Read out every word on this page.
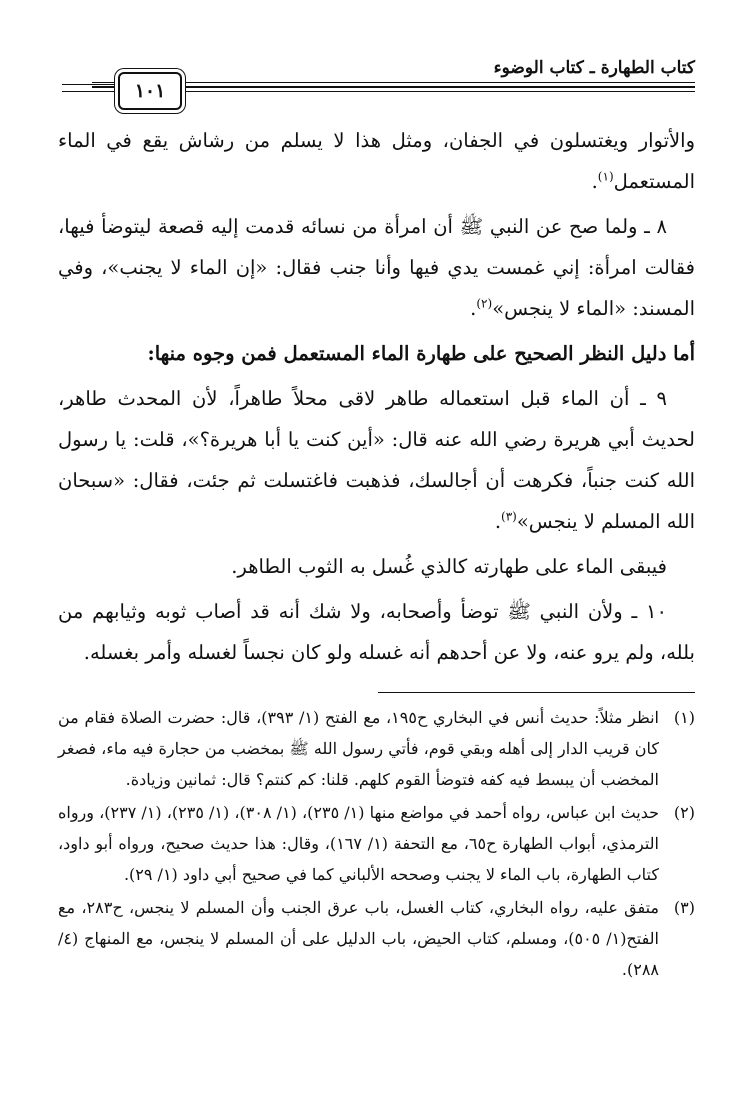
كتاب الطهارة ـ كتاب الوضوء
١٠١

والأتوار ويغتسلون في الجفان، ومثل هذا لا يسلم من رشاش يقع في الماء المستعمل$^{(١)}$.

٨ ـ ولما صح عن النبي ﷺ أن امرأة من نسائه قدمت إليه قصعة ليتوضأ فيها، فقالت امرأة: إني غمست يدي فيها وأنا جنب فقال: «إن الماء لا يجنب»، وفي المسند: «الماء لا ينجس»$^{(٢)}$.

أما دليل النظر الصحيح على طهارة الماء المستعمل فمن وجوه منها:

٩ ـ أن الماء قبل استعماله طاهر لاقى محلاً طاهراً، لأن المحدث طاهر، لحديث أبي هريرة رضي الله عنه قال: «أين كنت يا أبا هريرة؟»، قلت: يا رسول الله كنت جنباً، فكرهت أن أجالسك، فذهبت فاغتسلت ثم جئت، فقال: «سبحان الله المسلم لا ينجس»$^{(٣)}$.

فيبقى الماء على طهارته كالذي غُسل به الثوب الطاهر.

١٠ ـ ولأن النبي ﷺ توضأ وأصحابه، ولا شك أنه قد أصاب ثوبه وثيابهم من بلله، ولم يرو عنه، ولا عن أحدهم أنه غسله ولو كان نجساً لغسله وأمر بغسله.

(١)
انظر مثلاً: حديث أنس في البخاري ح١٩٥، مع الفتح (١/ ٣٩٣)، قال: حضرت الصلاة فقام من كان قريب الدار إلى أهله وبقي قوم، فأتي رسول الله ﷺ بمخضب من حجارة فيه ماء، فصغر المخضب أن يبسط فيه كفه فتوضأ القوم كلهم. قلنا: كم كنتم؟ قال: ثمانين وزيادة.
(٢)
حديث ابن عباس، رواه أحمد في مواضع منها (١/ ٢٣٥)، (١/ ٣٠٨)، (١/ ٢٣٥)، (١/ ٢٣٧)، ورواه الترمذي، أبواب الطهارة ح٦٥، مع التحفة (١/ ١٦٧)، وقال: هذا حديث صحيح، ورواه أبو داود، كتاب الطهارة، باب الماء لا يجنب وصححه الألباني كما في صحيح أبي داود (١/ ٢٩).
(٣)
متفق عليه، رواه البخاري، كتاب الغسل، باب عرق الجنب وأن المسلم لا ينجس، ح٢٨٣، مع الفتح(١/ ٥٠٥)، ومسلم، كتاب الحيض، باب الدليل على أن المسلم لا ينجس، مع المنهاج (٤/ ٢٨٨).
